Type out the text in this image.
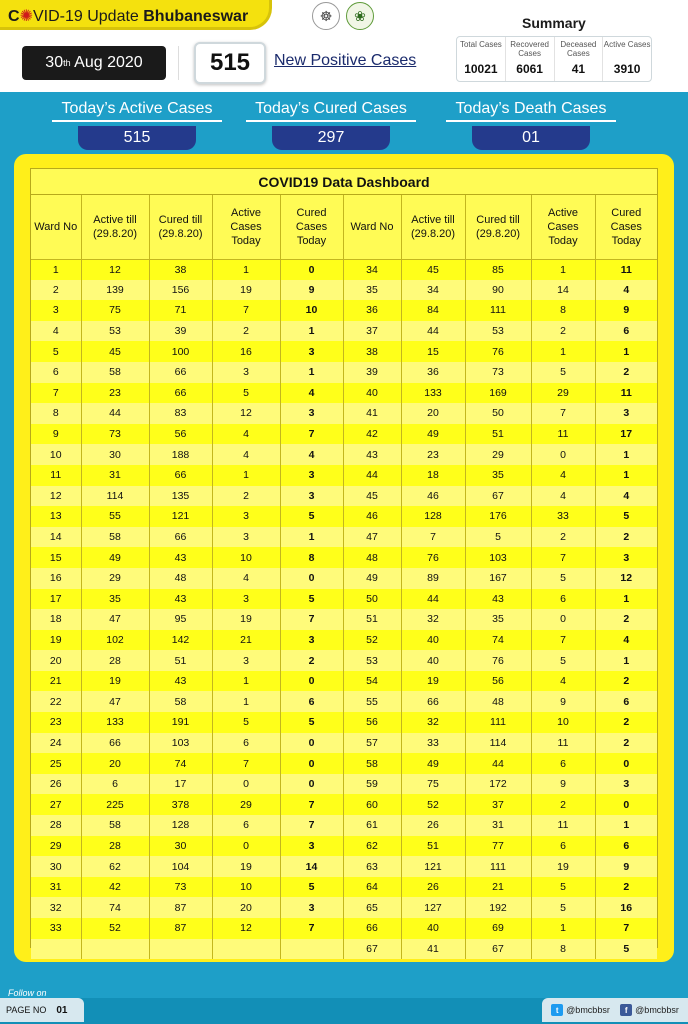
C✺VID-19 Update Bhubaneswar	☸	❀
30 th Aug 2020	515	New Positive Cases
Summary
Total Cases
10021
Recovered Cases
6061
Deceased Cases
41
Active Cases
3910
Today’s Active Cases
515
Today’s Cured Cases
297
Today’s Death Cases
01
COVID19 Data Dashboard
Ward No	Active till (29.8.20)	Cured till (29.8.20)	Active Cases Today	Cured Cases Today	Ward No	Active till (29.8.20)	Cured till (29.8.20)	Active Cases Today	Cured Cases Today
1	12	38	1	0	34	45	85	1	11
2	139	156	19	9	35	34	90	14	4
3	75	71	7	10	36	84	111	8	9
4	53	39	2	1	37	44	53	2	6
5	45	100	16	3	38	15	76	1	1
6	58	66	3	1	39	36	73	5	2
7	23	66	5	4	40	133	169	29	11
8	44	83	12	3	41	20	50	7	3
9	73	56	4	7	42	49	51	11	17
10	30	188	4	4	43	23	29	0	1
11	31	66	1	3	44	18	35	4	1
12	114	135	2	3	45	46	67	4	4
13	55	121	3	5	46	128	176	33	5
14	58	66	3	1	47	7	5	2	2
15	49	43	10	8	48	76	103	7	3
16	29	48	4	0	49	89	167	5	12
17	35	43	3	5	50	44	43	6	1
18	47	95	19	7	51	32	35	0	2
19	102	142	21	3	52	40	74	7	4
20	28	51	3	2	53	40	76	5	1
21	19	43	1	0	54	19	56	4	2
22	47	58	1	6	55	66	48	9	6
23	133	191	5	5	56	32	111	10	2
24	66	103	6	0	57	33	114	11	2
25	20	74	7	0	58	49	44	6	0
26	6	17	0	0	59	75	172	9	3
27	225	378	29	7	60	52	37	2	0
28	58	128	6	7	61	26	31	11	1
29	28	30	0	3	62	51	77	6	6
30	62	104	19	14	63	121	111	19	9
31	42	73	10	5	64	26	21	5	2
32	74	87	20	3	65	127	192	5	16
33	52	87	12	7	66	40	69	1	7
					67	41	67	8	5
Follow on
PAGE NO 01	t @bmcbbsr	f @bmcbbsr
